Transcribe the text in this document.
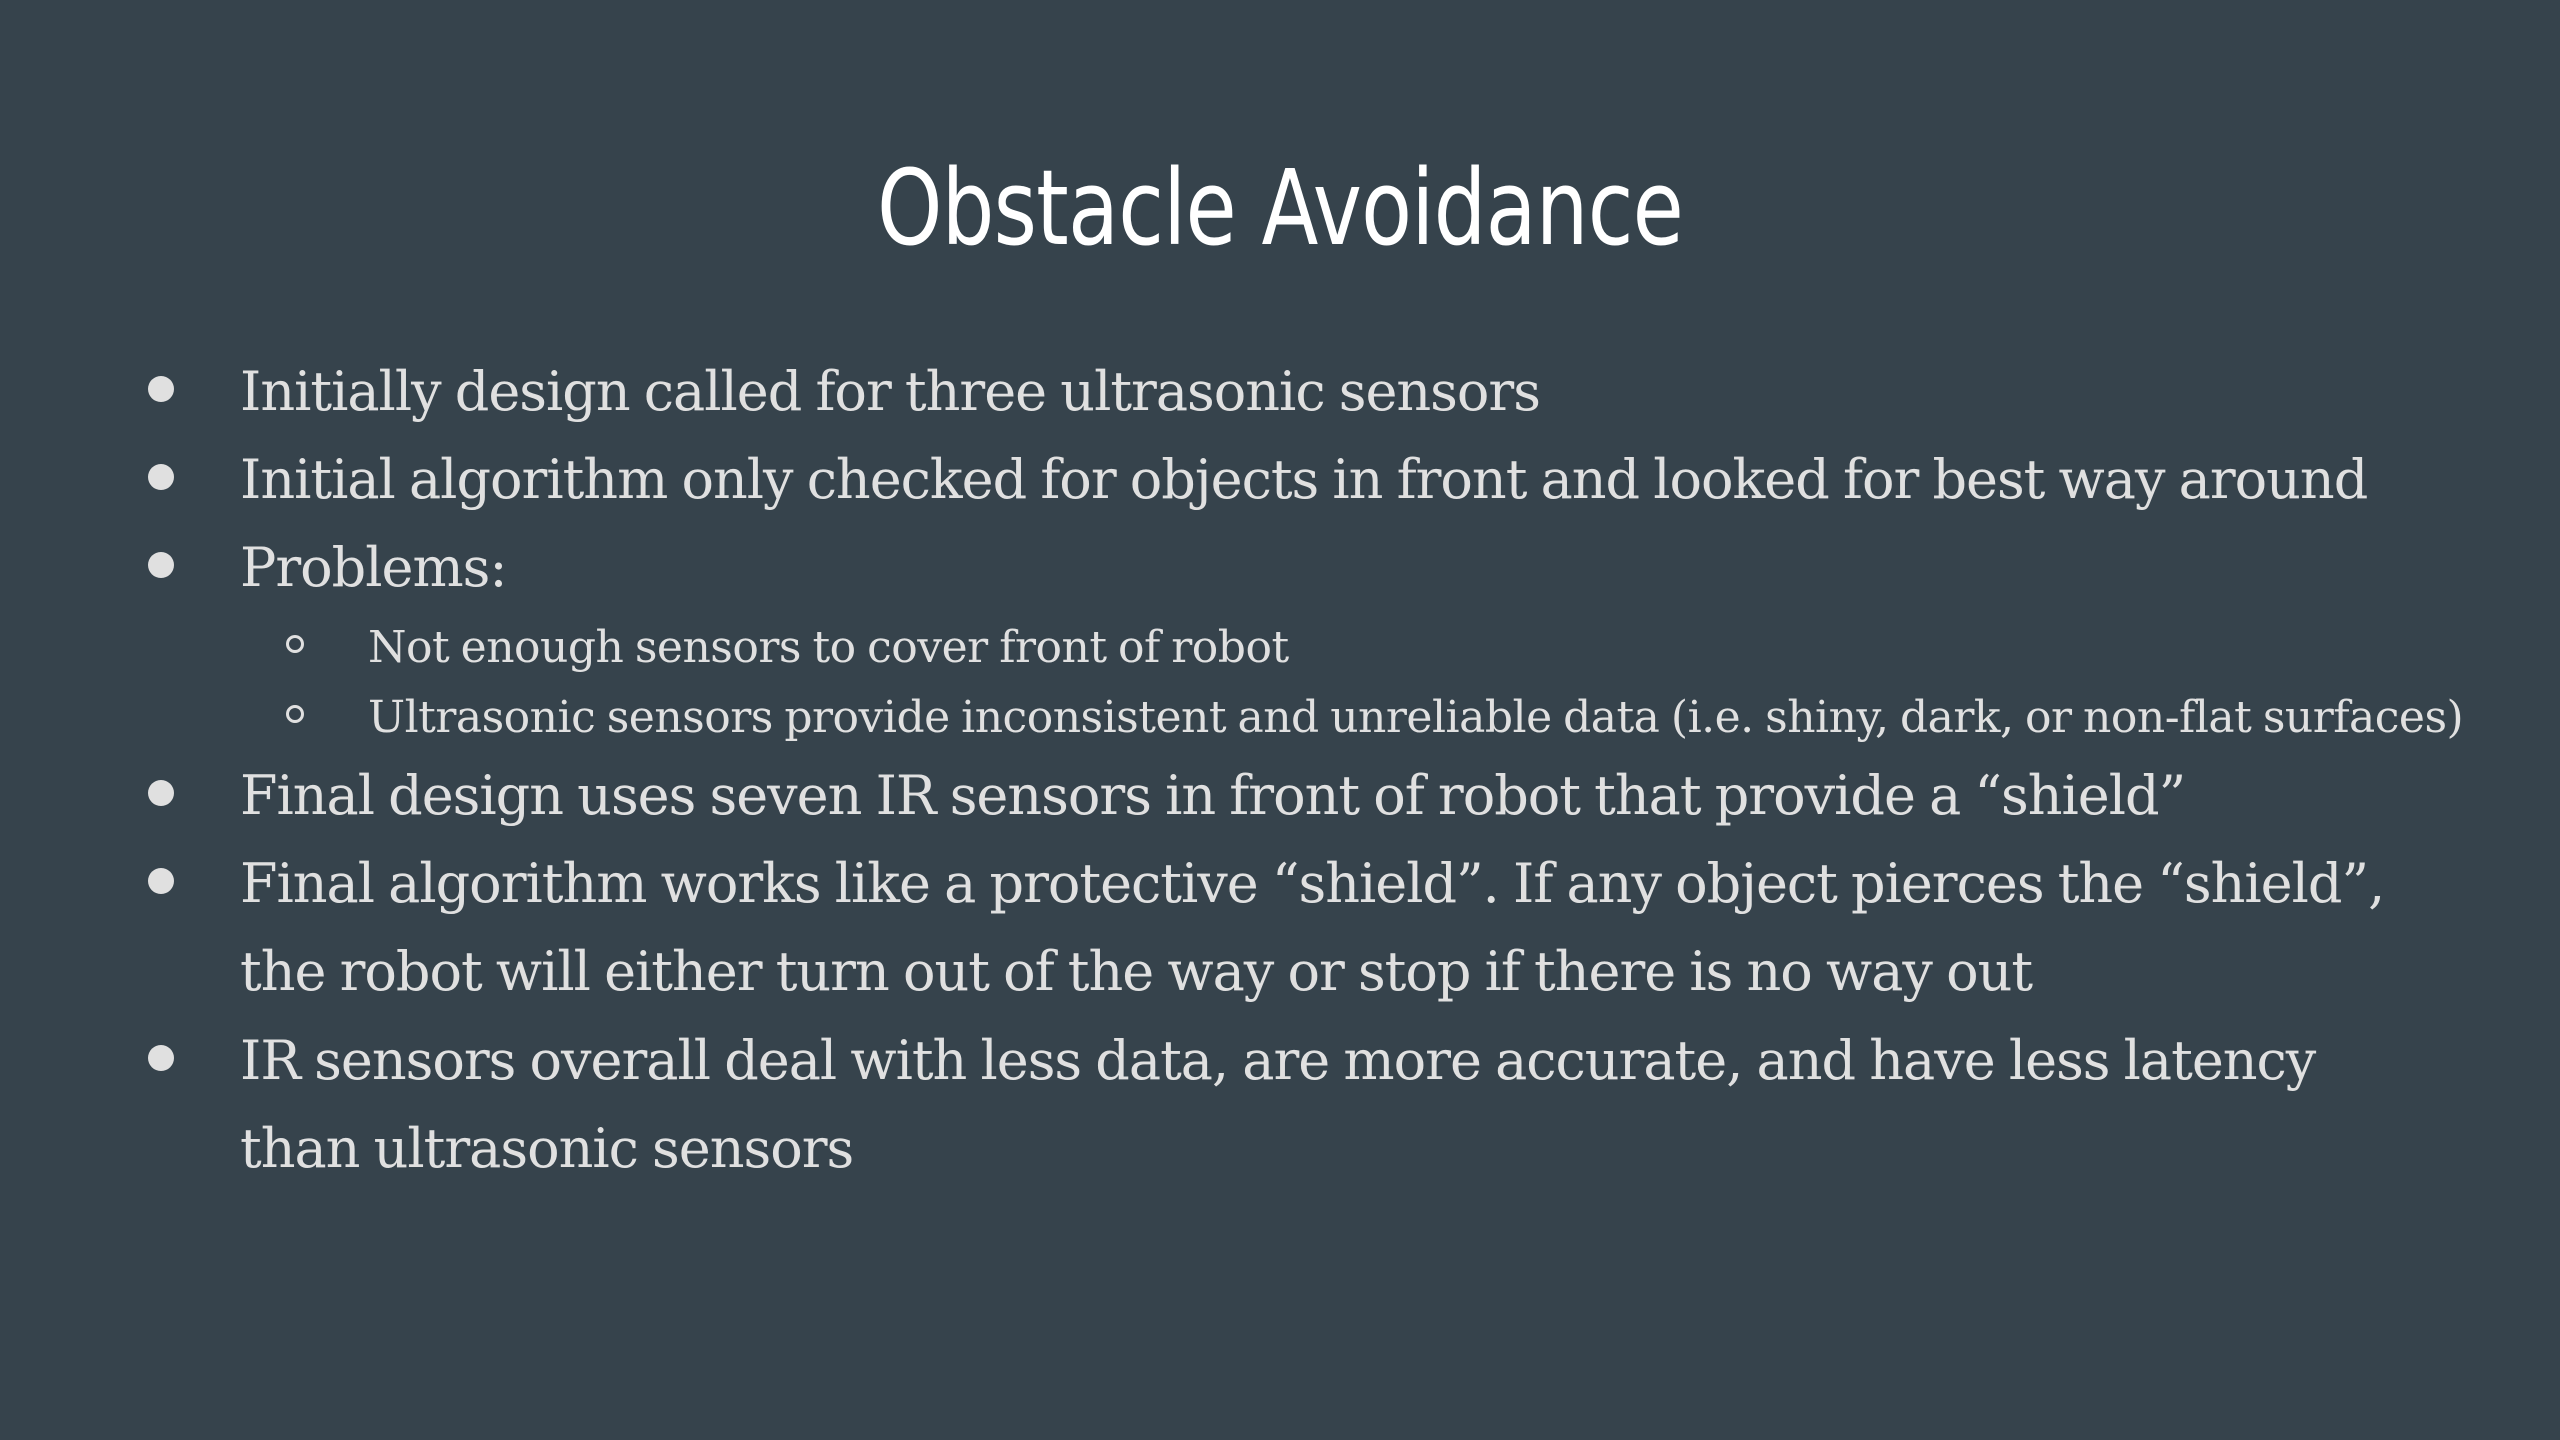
Obstacle Avoidance
Initially design called for three ultrasonic sensors
Initial algorithm only checked for objects in front and looked for best way around
Problems:
Not enough sensors to cover front of robot
Ultrasonic sensors provide inconsistent and unreliable data (i.e. shiny, dark, or non-flat surfaces)
Final design uses seven IR sensors in front of robot that provide a “shield”
Final algorithm works like a protective “shield”. If any object pierces the “shield”, the robot will either turn out of the way or stop if there is no way out
IR sensors overall deal with less data, are more accurate, and have less latency than ultrasonic sensors
